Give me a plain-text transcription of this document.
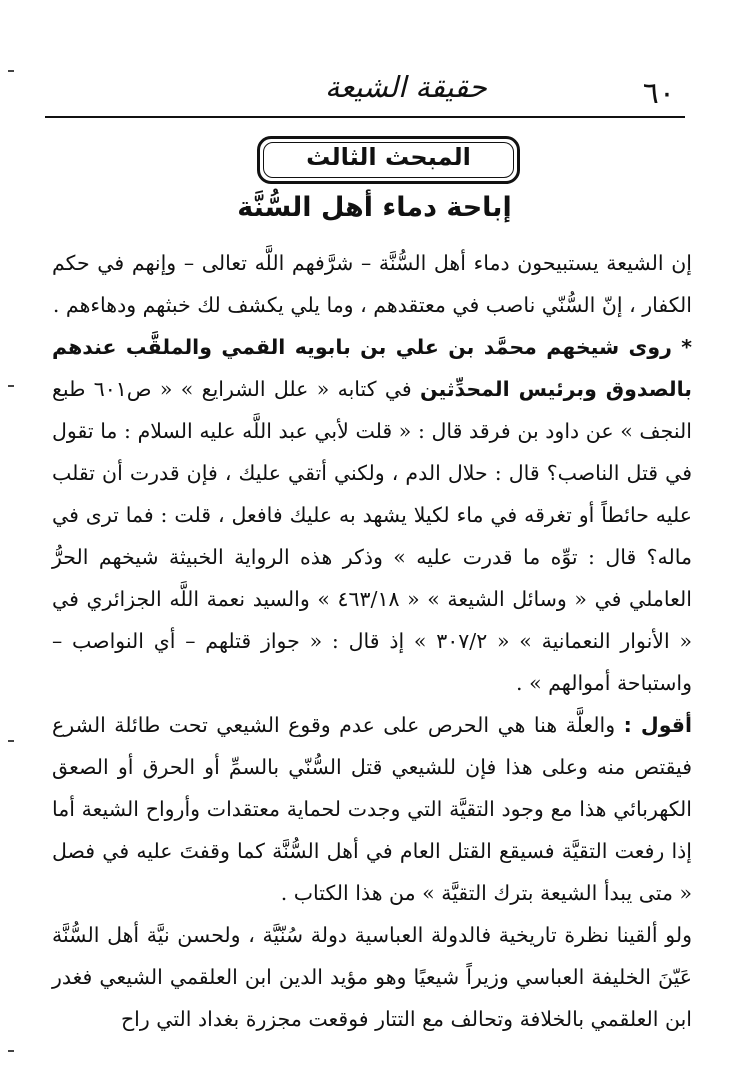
حقيقة الشيعة	٦٠
المبحث الثالث
إباحة دماء أهل السُّنَّة

إن الشيعة يستبيحون دماء أهل السُّنَّة – شرَّفهم اللَّه تعالى – وإنهم في حكم الكفار ، إنّ السُّنّي ناصب في معتقدهم ، وما يلي يكشف لك خبثهم ودهاءهم .

* روى شيخهم محمَّد بن علي بن بابويه القمي والملقَّب عندهم بالصدوق وبرئيس المحدِّثين في كتابه « علل الشرايع » « ص٦٠١ طبع النجف » عن داود بن فرقد قال : « قلت لأبي عبد اللَّه عليه السلام : ما تقول في قتل الناصب؟ قال : حلال الدم ، ولكني أتقي عليك ، فإن قدرت أن تقلب عليه حائطاً أو تغرقه في ماء لكيلا يشهد به عليك فافعل ، قلت : فما ترى في ماله؟ قال : توِّه ما قدرت عليه » وذكر هذه الرواية الخبيثة شيخهم الحرُّ العاملي في « وسائل الشيعة » « ٤٦٣/١٨ » والسيد نعمة اللَّه الجزائري في « الأنوار النعمانية » « ٣٠٧/٢ » إذ قال : « جواز قتلهم – أي النواصب – واستباحة أموالهم » .

أقول : والعلَّة هنا هي الحرص على عدم وقوع الشيعي تحت طائلة الشرع فيقتص منه وعلى هذا فإن للشيعي قتل السُّنّي بالسمِّ أو الحرق أو الصعق الكهربائي هذا مع وجود التقيَّة التي وجدت لحماية معتقدات وأرواح الشيعة أما إذا رفعت التقيَّة فسيقع القتل العام في أهل السُّنَّة كما وقفتَ عليه في فصل « متى يبدأ الشيعة بترك التقيَّة » من هذا الكتاب .

ولو ألقينا نظرة تاريخية فالدولة العباسية دولة سُنّيَّة ، ولحسن نيَّة أهل السُّنَّة عَيّنَ الخليفة العباسي وزيراً شيعيًا وهو مؤيد الدين ابن العلقمي الشيعي فغدر ابن العلقمي بالخلافة وتحالف مع التتار فوقعت مجزرة بغداد التي راح
